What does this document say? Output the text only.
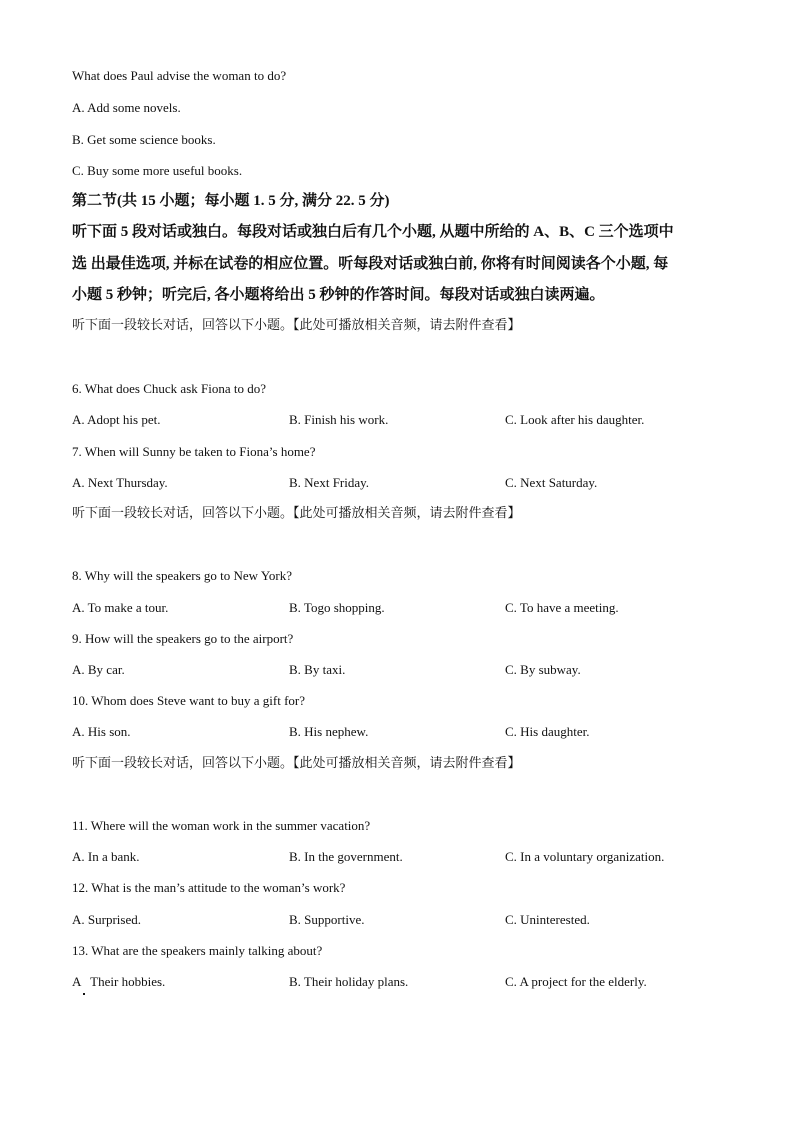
What does Paul advise the woman to do?
A. Add some novels.
B. Get some science books.
C. Buy some more useful books.
第二节(共 15 小题；每小题 1. 5 分, 满分 22. 5 分)
听下面 5 段对话或独白。每段对话或独白后有几个小题, 从题中所给的 A、B、C 三个选项中
选 出最佳选项, 并标在试卷的相应位置。听每段对话或独白前, 你将有时间阅读各个小题, 每
小题 5 秒钟；听完后, 各小题将给出 5 秒钟的作答时间。每段对话或独白读两遍。
听下面一段较长对话，回答以下小题。【此处可播放相关音频，请去附件查看】
6. What does Chuck ask Fiona to do?
A. Adopt his pet.	B. Finish his work.	C. Look after his daughter.
7. When will Sunny be taken to Fiona’s home?
A. Next Thursday.	B. Next Friday.	C. Next Saturday.
听下面一段较长对话，回答以下小题。【此处可播放相关音频，请去附件查看】
8. Why will the speakers go to New York?
A. To make a tour.	B. Togo shopping.	C. To have a meeting.
9. How will the speakers go to the airport?
A. By car.	B. By taxi.	C. By subway.
10. Whom does Steve want to buy a gift for?
A. His son.	B. His nephew.	C. His daughter.
听下面一段较长对话，回答以下小题。【此处可播放相关音频，请去附件查看】
11. Where will the woman work in the summer vacation?
A. In a bank.	B. In the government.	C. In a voluntary organization.
12. What is the man’s attitude to the woman’s work?
A. Surprised.	B. Supportive.	C. Uninterested.
13. What are the speakers mainly talking about?
A   Their hobbies.	B. Their holiday plans.	C. A project for the elderly.
